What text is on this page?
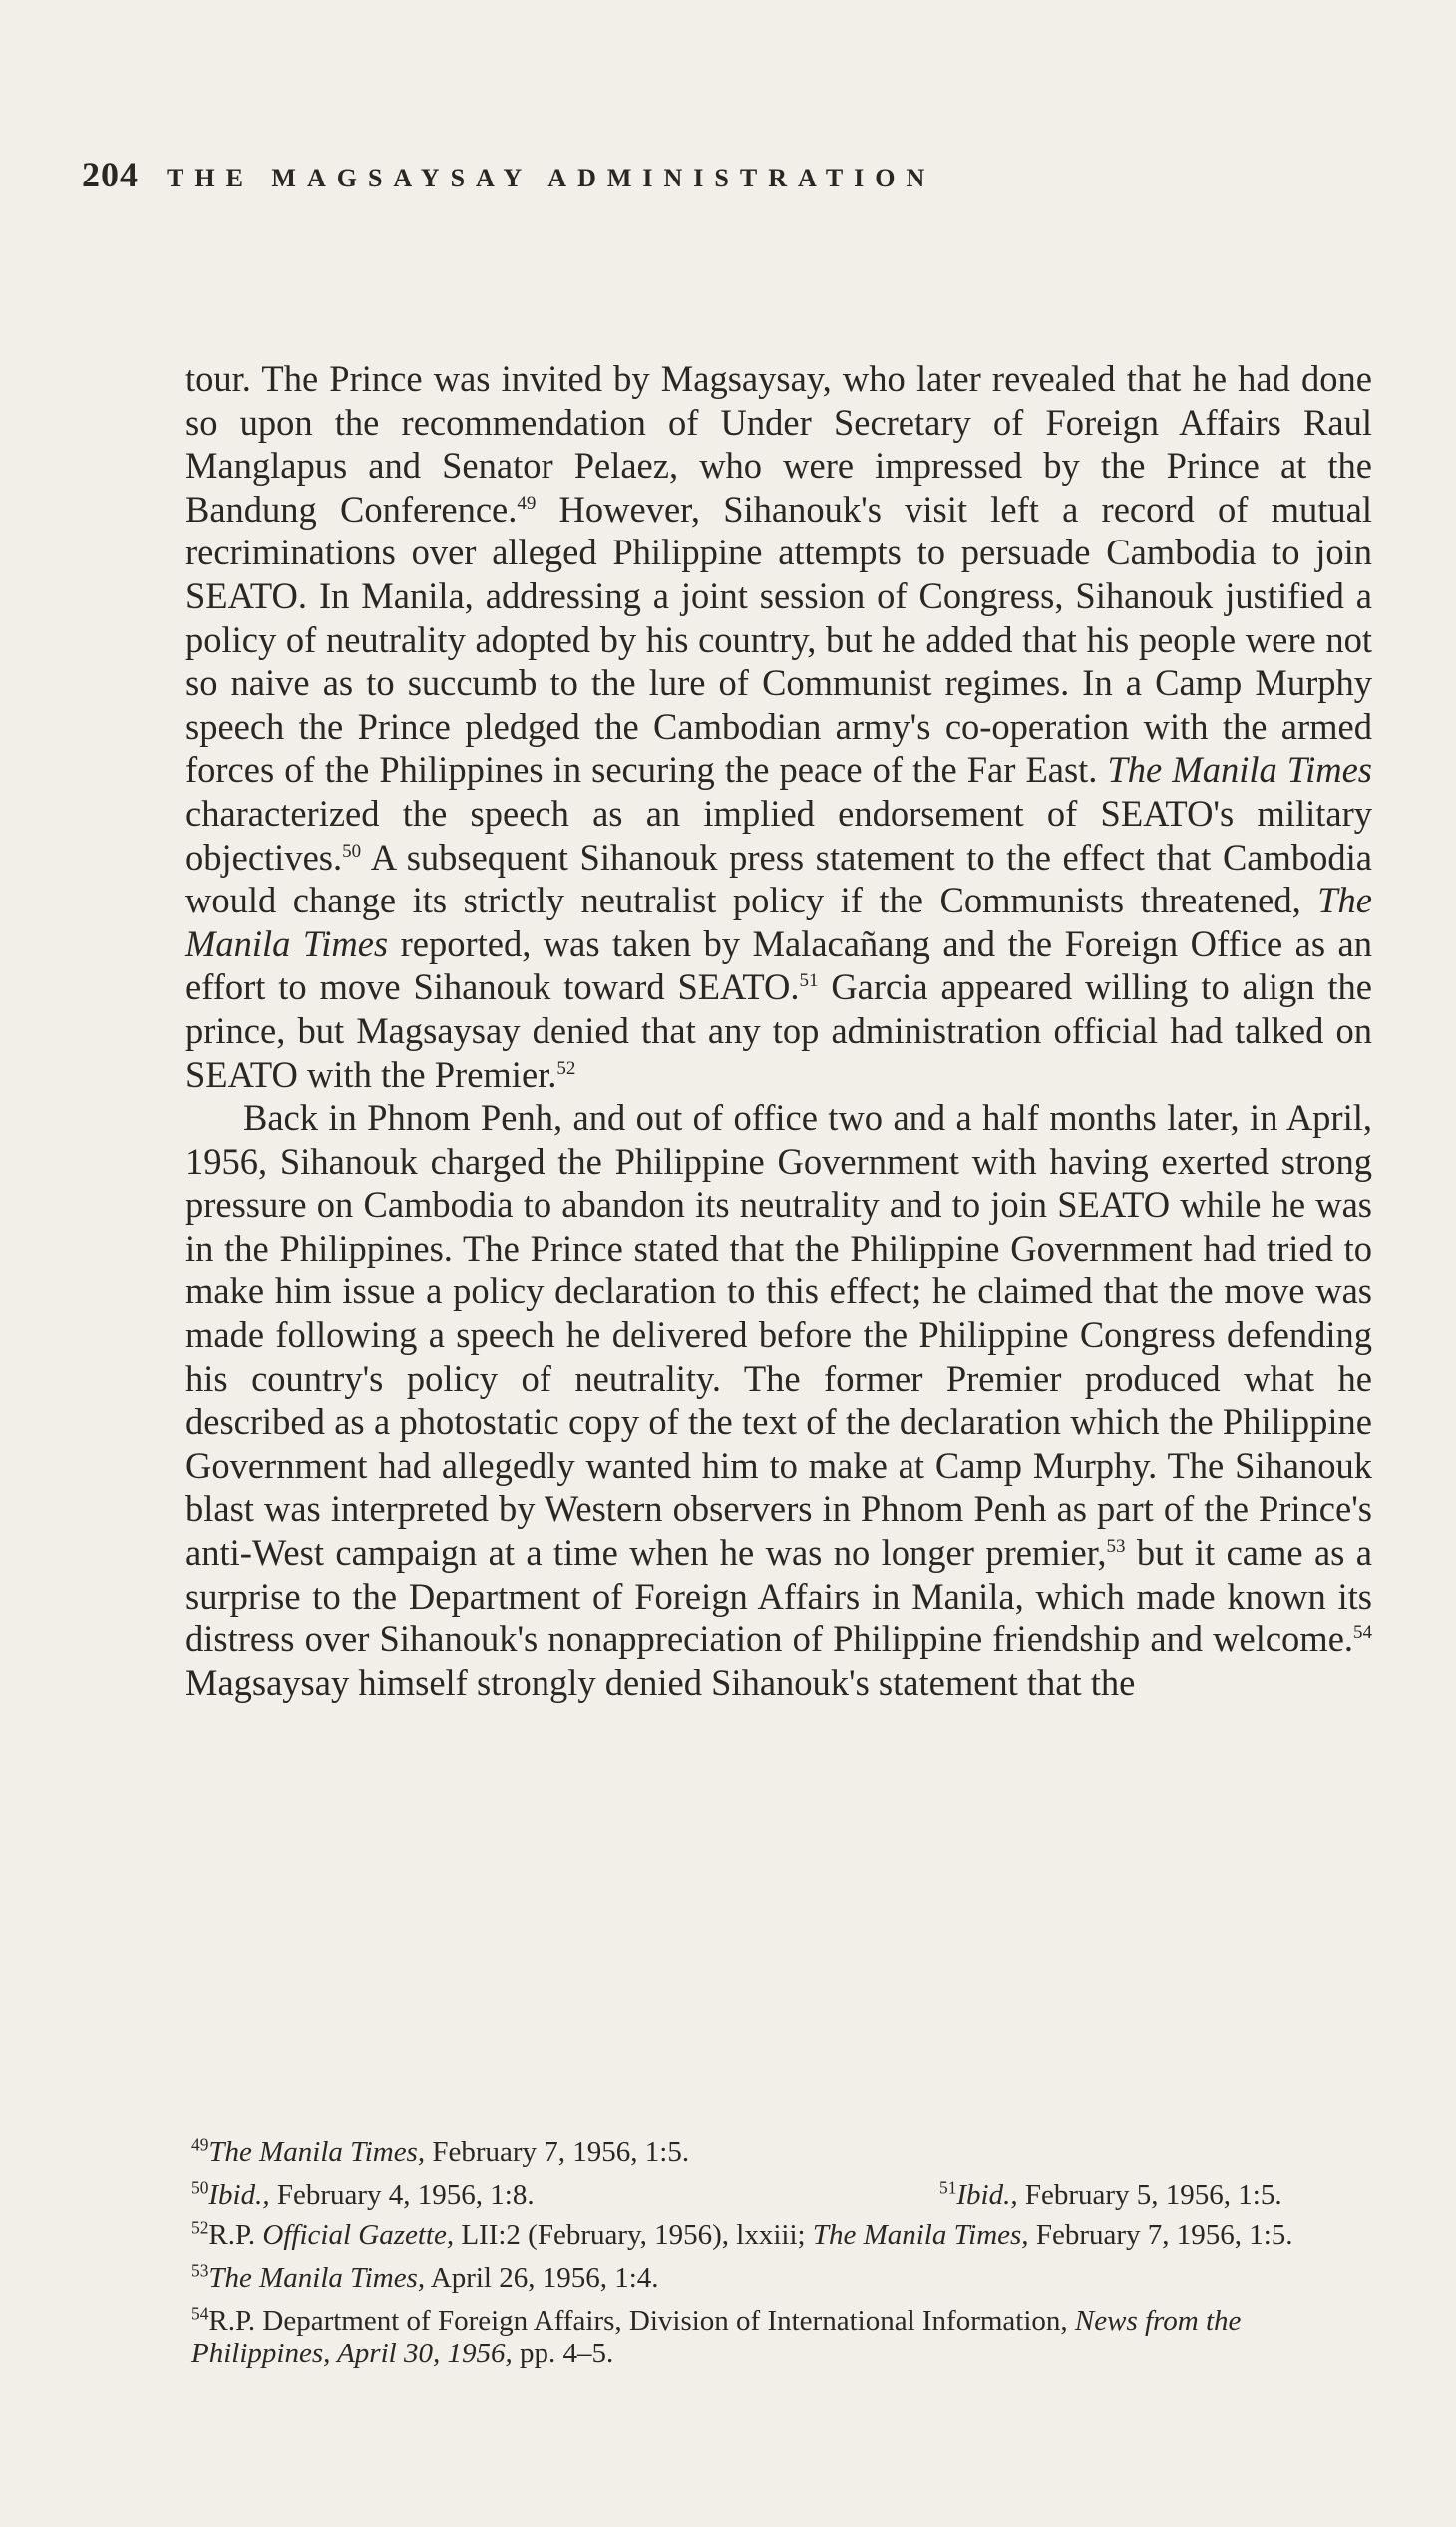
204 THE MAGSAYSAY ADMINISTRATION

tour. The Prince was invited by Magsaysay, who later revealed that he had done so upon the recommendation of Under Secretary of Foreign Affairs Raul Manglapus and Senator Pelaez, who were impressed by the Prince at the Bandung Conference.$^{49}$ However, Sihanouk's visit left a record of mutual recriminations over alleged Philippine attempts to persuade Cambodia to join SEATO. In Manila, addressing a joint session of Congress, Sihanouk justified a policy of neutrality adopted by his country, but he added that his people were not so naive as to succumb to the lure of Communist regimes. In a Camp Murphy speech the Prince pledged the Cambodian army's co-operation with the armed forces of the Philippines in securing the peace of the Far East. The Manila Times characterized the speech as an implied endorsement of SEATO's military objectives.$^{50}$ A subsequent Sihanouk press statement to the effect that Cambodia would change its strictly neutralist policy if the Communists threatened, The Manila Times reported, was taken by Malacañang and the Foreign Office as an effort to move Sihanouk toward SEATO.$^{51}$ Garcia appeared willing to align the prince, but Magsaysay denied that any top administration official had talked on SEATO with the Premier.$^{52}$

Back in Phnom Penh, and out of office two and a half months later, in April, 1956, Sihanouk charged the Philippine Government with having exerted strong pressure on Cambodia to abandon its neutrality and to join SEATO while he was in the Philippines. The Prince stated that the Philippine Government had tried to make him issue a policy declaration to this effect; he claimed that the move was made following a speech he delivered before the Philippine Congress defending his country's policy of neutrality. The former Premier produced what he described as a photostatic copy of the text of the declaration which the Philippine Government had allegedly wanted him to make at Camp Murphy. The Sihanouk blast was interpreted by Western observers in Phnom Penh as part of the Prince's anti-West campaign at a time when he was no longer premier,$^{53}$ but it came as a surprise to the Department of Foreign Affairs in Manila, which made known its distress over Sihanouk's nonappreciation of Philippine friendship and welcome.$^{54}$ Magsaysay himself strongly denied Sihanouk's statement that the

$^{49}$The Manila Times, February 7, 1956, 1:5.

$^{50}$Ibid., February 4, 1956, 1:8.	$^{51}$Ibid., February 5, 1956, 1:5.

$^{52}$R.P. Official Gazette, LII:2 (February, 1956), lxxiii; The Manila Times, February 7, 1956, 1:5.

$^{53}$The Manila Times, April 26, 1956, 1:4.

$^{54}$R.P. Department of Foreign Affairs, Division of International Information, News from the Philippines, April 30, 1956, pp. 4–5.
